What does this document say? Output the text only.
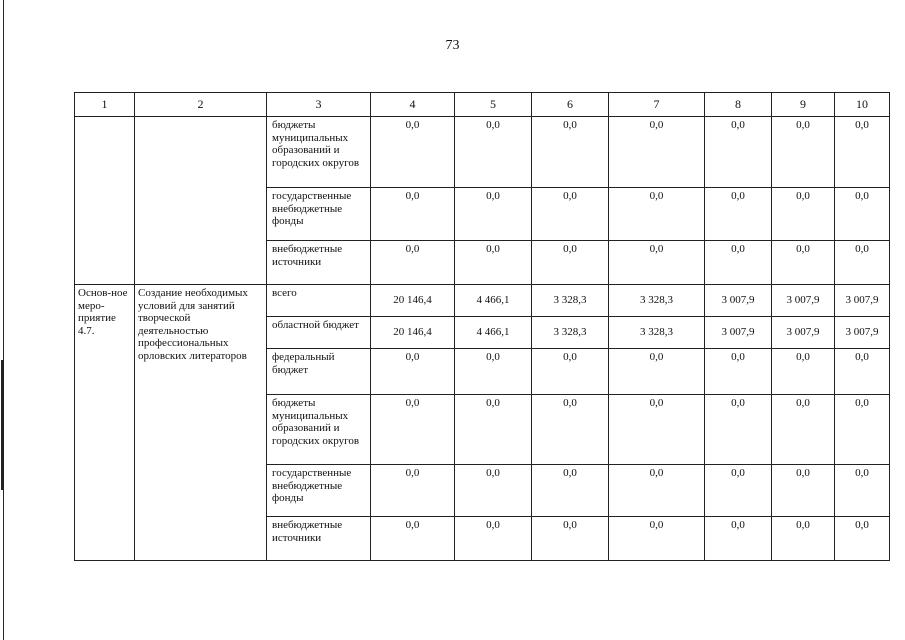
73
1	2	3	4	5	6	7	8	9	10
		бюджеты муниципальных образований и городских округов	0,0	0,0	0,0	0,0	0,0	0,0	0,0
		государственные внебюджетные фонды	0,0	0,0	0,0	0,0	0,0	0,0	0,0
		внебюджетные источники	0,0	0,0	0,0	0,0	0,0	0,0	0,0
Основ-ное меро-приятие 4.7.	Создание необходимых условий для занятий творческой деятельностью профессиональных орловских литераторов	всего	20 146,4	4 466,1	3 328,3	3 328,3	3 007,9	3 007,9	3 007,9
		областной бюджет	20 146,4	4 466,1	3 328,3	3 328,3	3 007,9	3 007,9	3 007,9
		федеральный бюджет	0,0	0,0	0,0	0,0	0,0	0,0	0,0
		бюджеты муниципальных образований и городских округов	0,0	0,0	0,0	0,0	0,0	0,0	0,0
		государственные внебюджетные фонды	0,0	0,0	0,0	0,0	0,0	0,0	0,0
		внебюджетные источники	0,0	0,0	0,0	0,0	0,0	0,0	0,0
